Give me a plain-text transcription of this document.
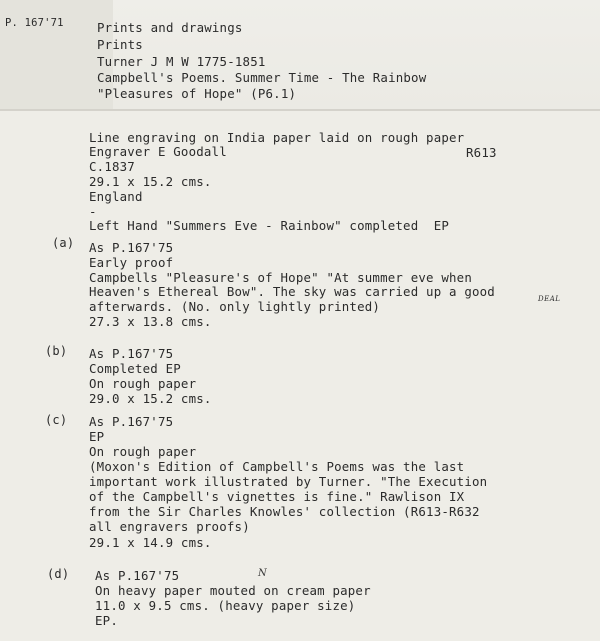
P. 167'71	Prints and drawings
Prints
Turner J M W 1775-1851
Campbell's Poems. Summer Time - The Rainbow
"Pleasures of Hope" (P6.1)
Line engraving on India paper laid on rough paper
Engraver E Goodall	R613
C.1837
29.1 x 15.2 cms.
England
-
Left Hand "Summers Eve - Rainbow" completed  EP
(a) As P.167'75
Early proof
Campbells "Pleasure's of Hope" "At summer eve when
Heaven's Ethereal Bow". The sky was carried up a good	DEAL
afterwards. (No. only lightly printed)
27.3 x 13.8 cms.
(b) As P.167'75
Completed EP
On rough paper
29.0 x 15.2 cms.
(c) As P.167'75
EP
On rough paper
(Moxon's Edition of Campbell's Poems was the last
important work illustrated by Turner. "The Execution
of the Campbell's vignettes is fine." Rawlison IX
from the Sir Charles Knowles' collection (R613-R632
all engravers proofs)
29.1 x 14.9 cms.
(d) As P.167'75	N
On heavy paper mouted on cream paper
11.0 x 9.5 cms. (heavy paper size)
EP.
